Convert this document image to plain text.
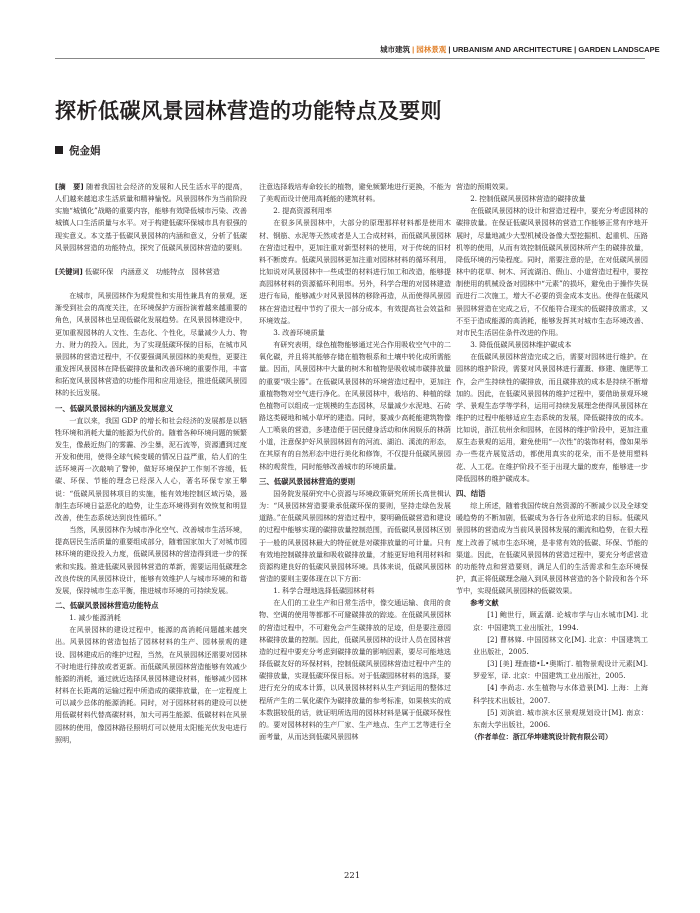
城市建筑 | 园林景观 | URBANISM AND ARCHITECTURE | GARDEN LANDSCAPE
探析低碳风景园林营造的功能特点及要则
倪金娟

[摘　要] 随着我国社会经济的发展和人民生活水平的提高，人们越来越追求生活质量和精神愉悦。风景园林作为当前阶段实施“城镇化”战略的重要内容，能够有效降低城市污染、改善城镇人口生活质量与水平。对于构建低碳环保城市具有很强的现实意义。本文基于低碳风景园林的内涵和意义，分析了低碳风景园林营造的功能特点，探究了低碳风景园林营造的要则。

[关键词] 低碳环保　内涵意义　功能特点　园林营造

在城市，风景园林作为观赏性和实用性兼具有的景观，逐渐受到社会的高度关注，在环境保护方面扮演着越来越重要的角色，风景园林也呈现低碳化发展趋势。在风景园林建设中，更加重视园林的人文性、生态化、个性化，尽量减少人力、物力、财力的投入。因此，为了实现低碳环保的目标，在城市风景园林的营造过程中，不仅要强调风景园林的美观性，更要注重发挥风景园林在降低碳排放量和改善环境的重要作用，丰富和拓宽风景园林营造的功能作用和应用途径，推进低碳风景园林的长远发展。

一、低碳风景园林的内涵及发展意义

一直以来，我国 GDP 的增长和社会经济的发展都是以牺牲环境和消耗大量的能源为代价的。随着各种环境问题的频繁发生，像最近热门的雾霾、沙尘暴，泥石流等，资源遭到过度开发和使用，使得全球气候变暖的情况日益严重，给人们的生活环境再一次敲响了警钟，做好环境保护工作刻不容缓，低碳、环保、节能的理念已经深入人心，著名环保专家王攀说：“低碳风景园林项目的实施，能有效地控制区域污染，遏制生态环境日益恶化的趋势，让生态环境得到有效恢复和明显改善，使生态系统达到良性循环。”

当然，风景园林作为城市净化空气、改善城市生活环境，提高居民生活质量的重要组成部分，随着国家加大了对城市园林环境的建设投入力度，低碳风景园林的营造得到进一步的探索和实践。推进低碳风景园林营造的革新，需要运用低碳理念改良传统的风景园林设计，能够有效维护人与城市环境的和谐发展，保持城市生态平衡，推进城市环境的可持续发展。

二、低碳风景园林营造功能特点

1. 减少能源消耗

在风景园林的建设过程中，能源的高消耗问题越来越突出。风景园林的营造包括了园林材料的生产、园林景观的建设、园林建成后的维护过程，当然，在风景园林还需要对园林不时地进行排放或者更新。而低碳风景园林营造能够有效减少能源的消耗，通过就近选择风景园林建设材料，能够减少园林材料在长距离的运输过程中所造成的碳排放量，在一定程度上可以减少总体的能源消耗。同时，对于园林材料的建设可以使用低碳材料代替高碳材料，加大可再生能源、低碳材料在风景园林的使用，像园林路径照明灯可以使用太阳能光伏发电进行照明，

注意选择栽培寿命较长的植物，避免频繁地进行更换，不能为了美观而设计使用高耗能的建筑材料。

2. 提高资源利用率

在很多风景园林中，大部分的原理那样材料都是使用木材、钢筋、水泥等天然或者是人工合成材料，而低碳风景园林在营造过程中，更加注重对新型材料的使用，对于传统的旧材料不断废弃。低碳风景园林更加注重对园林材料的循环利用，比如说对风景园林中一些成型的材料进行加工和改造，能够提高园林材料的资源循环利用率。另外，科学合理的对园林建造进行布局，能够减少对风景园林的移除再造，从而使得风景园林在营造过程中节约了很大一部分成本，有效提高社会效益和环境效益。

3. 改善环境质量

有研究表明，绿色植物能够通过光合作用吸收空气中的二氧化碳，并且将其能够存储在植物根系和土壤中转化成所需能量。因而，风景园林中大量的树木和植物是吸收城市碳排放量的重要“吸尘器”。在低碳风景园林的环境营造过程中，更加注重植物物对空气进行净化。在风景园林中，栽培的、种植的绿色植物可以组成一定规模的生态园林，尽量减少水泥地、石砖路这类硬地和城小草坪的建造。同时，要减少高耗能建筑物像人工喷泉的营造，多建造便于居民健身活动和休闲娱乐的林荫小道，注意保护好风景园林固有的河流、湖泊、溪流的形态，在其原有的自然形态中进行美化和修饰，不仅提升低碳风景园林的观赏性，同时能够改善城市的环境质量。

三、低碳风景园林营造的要则

国务院发展研究中心资源与环境政策研究所所长高世楫认为：“风景园林营造要秉承低碳环保的要则，坚持走绿色发展道路。”在低碳风景园林的营造过程中，要明确低碳营造和建设的过程中能够实现的碳排放量控制范围，而低碳风景园林区别于一般的风景园林最大的特征就是对碳排放量的可计量。只有有效地控制碳排放量和吸收碳排放量，才能更好地利用材料和资源构建良好的低碳风景园林环境。具体来说，低碳风景园林营造的要则主要体现在以下方面：

1. 科学合理地选择低碳园林材料

在人们的工业生产和日常生活中，像交通运输、食用的食物、空调的使用等都都不可避碳排放的踪迹。在低碳风景园林的营造过程中，不可避免会产生碳排放的足迹，但是要注意园林碳排放量的控制。因此，低碳风景园林的设计人员在园林营造的过程中要充分考虑到碳排放量的影响因素，要尽可能地选择低碳友好的环保材料，控制低碳风景园林营造过程中产生的碳排放量，实现低碳环保目标。对于低碳园林材料的选择，要进行充分的成本计算，以风景园林材料从生产到运用的整体过程所产生的二氧化碳作为碳排放量的参考标准，如果核实的成本数据较低的话，就证明所选用的园林材料是属于低碳环保性的。要对园林材料的生产厂家、生产地点、生产工艺等进行全面考量，从而达到低碳风景园林

营造的预期效果。

2. 控制低碳风景园林营造的碳排放量

在低碳风景园林的设计和营造过程中，要充分考虑园林的碳排放量。在保证低碳风景园林的营造工作能够正常有序地开展时，尽量地减少大型机械设备像大型挖掘机、起重机、压路机等的使用，从而有效控制低碳风景园林所产生的碳排放量，降低环境的污染程度。同时，需要注意的是，在对低碳风景园林中的花草、树木、河流湖泊、假山、小道营造过程中，要控制使用的机械设备对园林中“元素”的损坏，避免由于操作失误而进行二次施工，增大不必要的资金成本支出。使得在低碳风景园林营造在完成之后，不仅能符合现实的低碳排放需求，又不至于造成能源的高消耗，能够发挥其对城市生态环境改善、对市民生活居住条件改进的作用。

3. 降低低碳风景园林维护碳成本

在低碳风景园林营造完成之后，需要对园林进行维护。在园林的维护阶段，需要对风景园林进行灌溉、修建、施肥等工作，会产生持续性的碳排放，而且碳排放的成本是持续不断增加的。因此，在低碳风景园林的维护过程中，要借助景观环境学、景观生态学等学科，运用可持续发展理念使得风景园林在维护的过程中能够适应生态系统的发展，降低碳排放的成本。比如说，浙江杭州余和园林，在园林的维护阶段中，更加注重原生态景观的运用，避免使用“一次性”的装饰材料，像如果举办一些花卉展览活动，都使用真实的花朵，而不是使用塑料花、人工花。在维护阶段不至于出现大量的废弃，能够进一步降低园林的维护碳成本。

四、结语

综上所述，随着我国传统自然资源的不断减少以及全球变暖趋势的不断加剧，低碳成为各行各业所追求的目标。低碳风景园林的营造成为当前风景园林发展的潮流和趋势，在很大程度上改善了城市生态环境，是非常有效的低碳、环保、节能的渠道。因此，在低碳风景园林的营造过程中，要充分考虑营造的功能特点和营造要则，满足人们的生活需求和生态环境保护，真正将低碳理念融入到风景园林营造的各个阶段和各个环节中，实现低碳风景园林的低碳效果。

参考文献

[1] 鲍世行，顾孟潮. 论城市学与山水城市[M]. 北京：中国建筑工业出版社，1994.

[2] 曹林娣. 中国园林文化[M]. 北京：中国建筑工业出版社，2005.

[3] [美] 理查德•L•奥斯汀. 植物景观设计元素[M]. 罗爱军，译. 北京：中国建筑工业出版社，2005.

[4] 李尚志. 水生植物与水体造景[M]. 上海：上海科学技术出版社，2007.

[5] 刘滨谊. 城市滨水区景观规划设计[M]. 南京：东南大学出版社，2006.

（作者单位：浙江华坤建筑设计院有限公司）

221
